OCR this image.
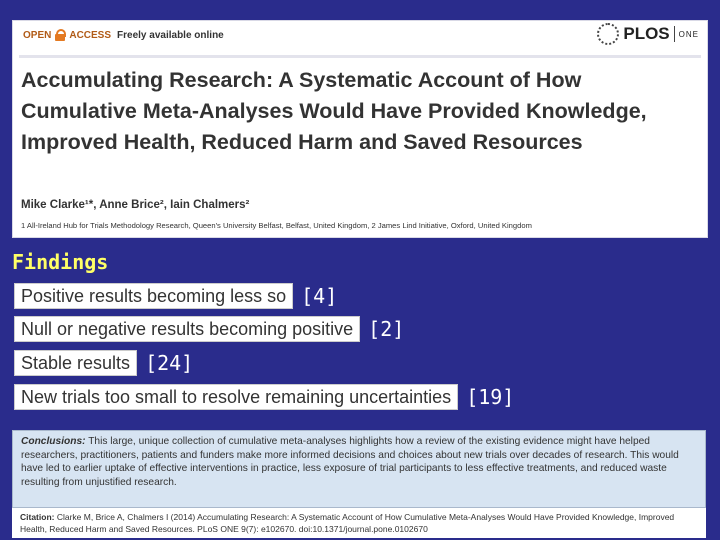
OPEN ACCESS Freely available online	PLOS ONE
Accumulating Research: A Systematic Account of How Cumulative Meta-Analyses Would Have Provided Knowledge, Improved Health, Reduced Harm and Saved Resources
Mike Clarke¹*, Anne Brice², Iain Chalmers²
1 All-Ireland Hub for Trials Methodology Research, Queen's University Belfast, Belfast, United Kingdom, 2 James Lind Initiative, Oxford, United Kingdom
Findings
Positive results becoming less so [4]
Null or negative results becoming positive [2]
Stable results [24]
New trials too small to resolve remaining uncertainties [19]
Conclusions: This large, unique collection of cumulative meta-analyses highlights how a review of the existing evidence might have helped researchers, practitioners, patients and funders make more informed decisions and choices about new trials over decades of research. This would have led to earlier uptake of effective interventions in practice, less exposure of trial participants to less effective treatments, and reduced waste resulting from unjustified research.
Citation: Clarke M, Brice A, Chalmers I (2014) Accumulating Research: A Systematic Account of How Cumulative Meta-Analyses Would Have Provided Knowledge, Improved Health, Reduced Harm and Saved Resources. PLoS ONE 9(7): e102670. doi:10.1371/journal.pone.0102670
